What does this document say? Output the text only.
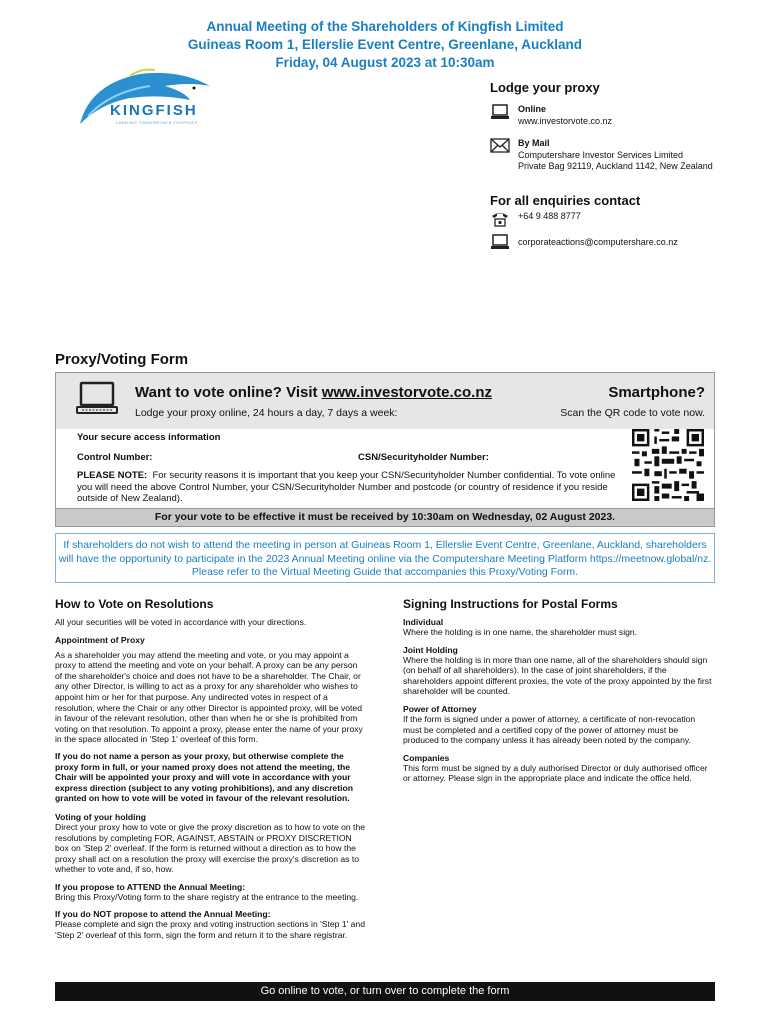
Annual Meeting of the Shareholders of Kingfish Limited
Guineas Room 1, Ellerslie Event Centre, Greenlane, Auckland
Friday, 04 August 2023 at 10:30am
KINGFISH
LANDING TOMORROW'S TROPHIES
Lodge your proxy
Online
www.investorvote.co.nz
By Mail
Computershare Investor Services Limited
Private Bag 92119, Auckland 1142, New Zealand
For all enquiries contact
+64 9 488 8777
corporateactions@computershare.co.nz
Proxy/Voting Form
Want to vote online? Visit www.investorvote.co.nz
Lodge your proxy online, 24 hours a day, 7 days a week:
Smartphone?
Scan the QR code to vote now.
Your secure access information
Control Number:	CSN/Securityholder Number:
PLEASE NOTE: For security reasons it is important that you keep your CSN/Securityholder Number confidential. To vote online you will need the above Control Number, your CSN/Securityholder Number and postcode (or country of residence if you reside outside of New Zealand).
For your vote to be effective it must be received by 10:30am on Wednesday, 02 August 2023.
If shareholders do not wish to attend the meeting in person at Guineas Room 1, Ellerslie Event Centre, Greenlane, Auckland, shareholders will have the opportunity to participate in the 2023 Annual Meeting online via the Computershare Meeting Platform https://meetnow.global/nz. Please refer to the Virtual Meeting Guide that accompanies this Proxy/Voting Form.
How to Vote on Resolutions
All your securities will be voted in accordance with your directions.
Appointment of Proxy
As a shareholder you may attend the meeting and vote, or you may appoint a proxy to attend the meeting and vote on your behalf. A proxy can be any person of the shareholder's choice and does not have to be a shareholder. The Chair, or any other Director, is willing to act as a proxy for any shareholder who wishes to appoint him or her for that purpose. Any undirected votes in respect of a resolution, where the Chair or any other Director is appointed proxy, will be voted in favour of the relevant resolution, other than when he or she is prohibited from voting on that resolution. To appoint a proxy, please enter the name of your proxy in the space allocated in 'Step 1' overleaf of this form.
If you do not name a person as your proxy, but otherwise complete the proxy form in full, or your named proxy does not attend the meeting, the Chair will be appointed your proxy and will vote in accordance with your express direction (subject to any voting prohibitions), and any discretion granted on how to vote will be voted in favour of the relevant resolution.
Voting of your holding
Direct your proxy how to vote or give the proxy discretion as to how to vote on the resolutions by completing FOR, AGAINST, ABSTAIN or PROXY DISCRETION box on 'Step 2' overleaf. If the form is returned without a direction as to how the proxy shall act on a resolution the proxy will exercise the proxy's discretion as to whether to vote and, if so, how.
If you propose to ATTEND the Annual Meeting:
Bring this Proxy/Voting form to the share registry at the entrance to the meeting.
If you do NOT propose to attend the Annual Meeting:
Please complete and sign the proxy and voting instruction sections in 'Step 1' and 'Step 2' overleaf of this form, sign the form and return it to the share registrar.
Signing Instructions for Postal Forms
Individual
Where the holding is in one name, the shareholder must sign.
Joint Holding
Where the holding is in more than one name, all of the shareholders should sign (on behalf of all shareholders). In the case of joint shareholders, if the shareholders appoint different proxies, the vote of the proxy appointed by the first shareholder will be counted.
Power of Attorney
If the form is signed under a power of attorney, a certificate of non-revocation must be completed and a certified copy of the power of attorney must be produced to the company unless it has already been noted by the company.
Companies
This form must be signed by a duly authorised Director or duly authorised officer or attorney. Please sign in the appropriate place and indicate the office held.
Go online to vote, or turn over to complete the form
